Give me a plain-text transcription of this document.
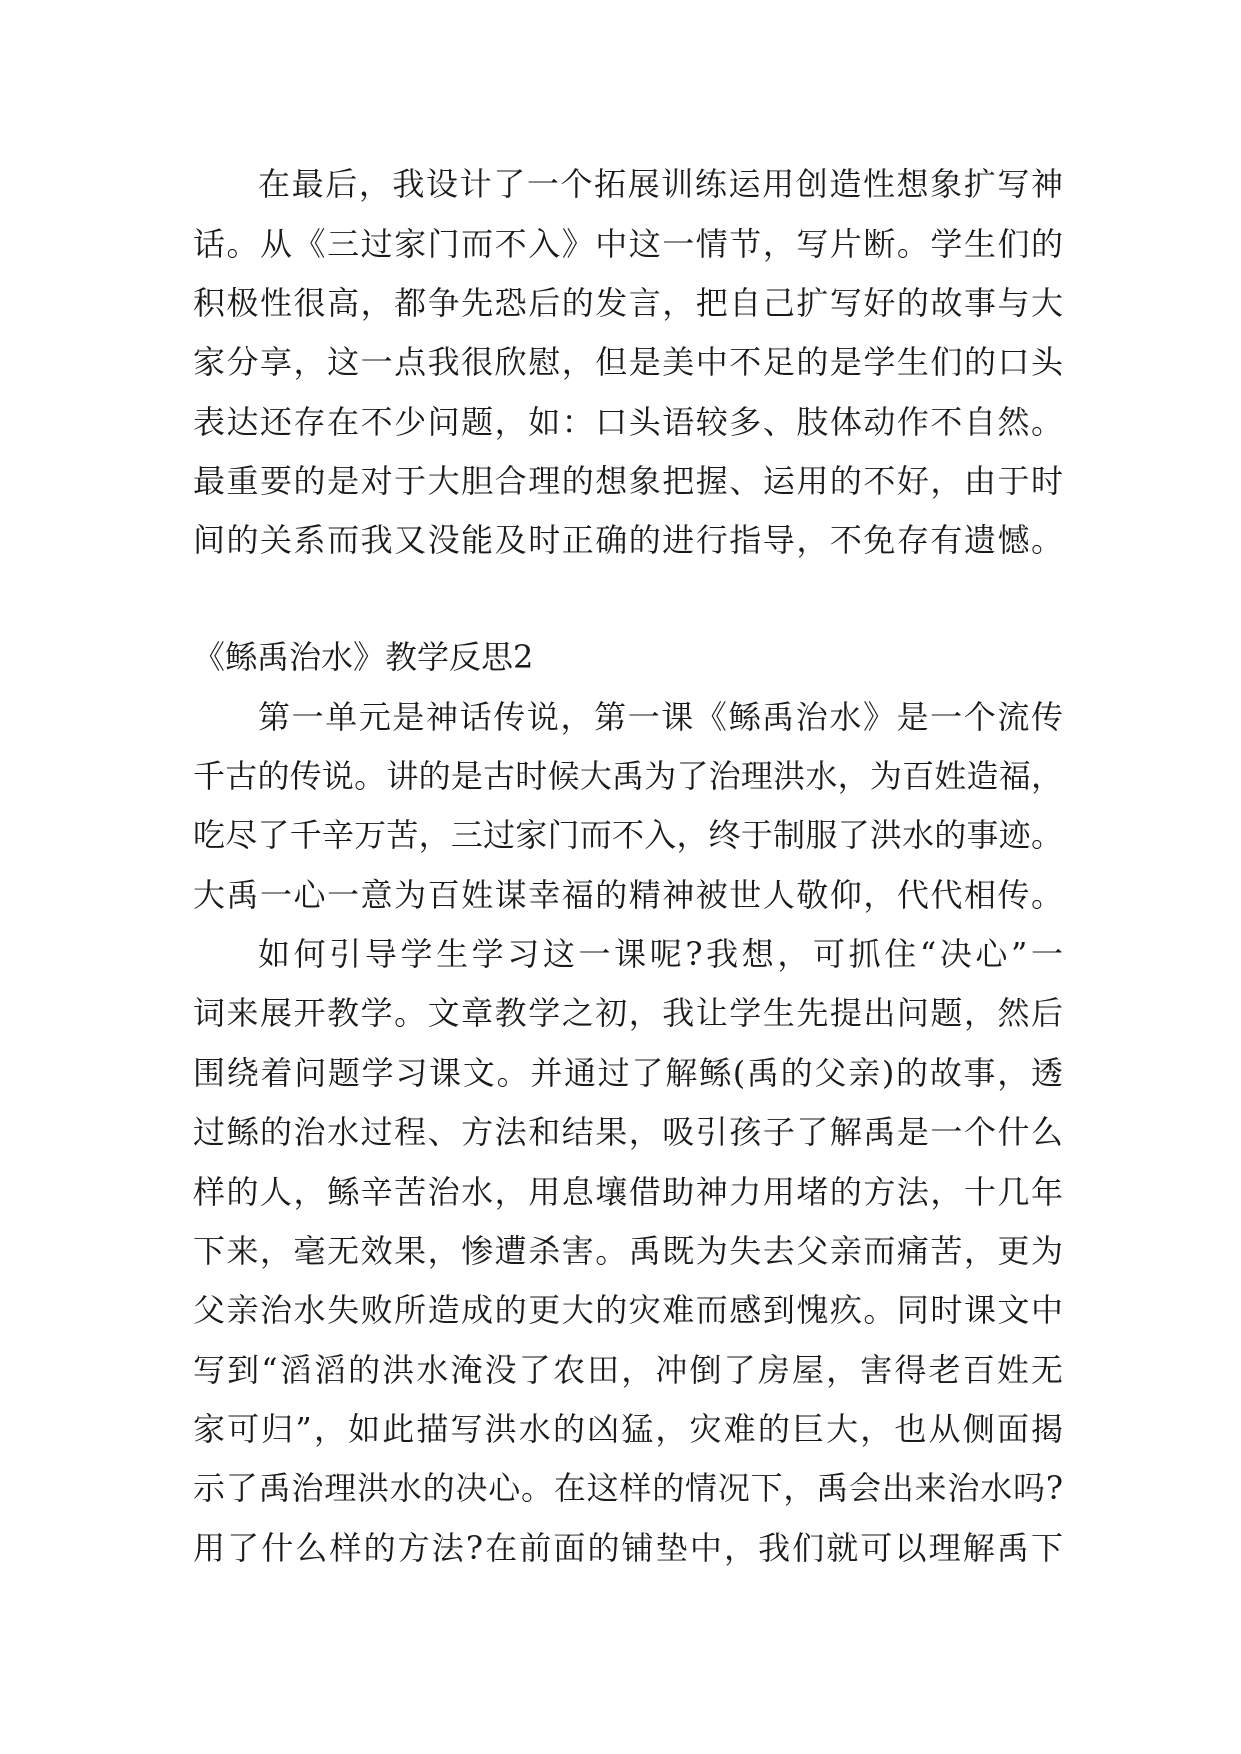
在最后，我设计了一个拓展训练运用创造性想象扩写神

话。从《三过家门而不入》中这一情节，写片断。学生们的

积极性很高，都争先恐后的发言，把自己扩写好的故事与大

家分享，这一点我很欣慰，但是美中不足的是学生们的口头

表达还存在不少问题，如：口头语较多、肢体动作不自然。

最重要的是对于大胆合理的想象把握、运用的不好，由于时

间的关系而我又没能及时正确的进行指导，不免存有遗憾。

《鲧禹治水》教学反思2

第一单元是神话传说，第一课《鲧禹治水》是一个流传

千古的传说。讲的是古时候大禹为了治理洪水，为百姓造福，

吃尽了千辛万苦，三过家门而不入，终于制服了洪水的事迹。

大禹一心一意为百姓谋幸福的精神被世人敬仰，代代相传。

如何引导学生学习这一课呢?我想，可抓住“决心”一

词来展开教学。文章教学之初，我让学生先提出问题，然后

围绕着问题学习课文。并通过了解鲧(禹的父亲)的故事，透

过鲧的治水过程、方法和结果，吸引孩子了解禹是一个什么

样的人，鲧辛苦治水，用息壤借助神力用堵的方法，十几年

下来，毫无效果，惨遭杀害。禹既为失去父亲而痛苦，更为

父亲治水失败所造成的更大的灾难而感到愧疚。同时课文中

写到“滔滔的洪水淹没了农田，冲倒了房屋，害得老百姓无

家可归”，如此描写洪水的凶猛，灾难的巨大，也从侧面揭

示了禹治理洪水的决心。在这样的情况下，禹会出来治水吗?

用了什么样的方法?在前面的铺垫中，我们就可以理解禹下
